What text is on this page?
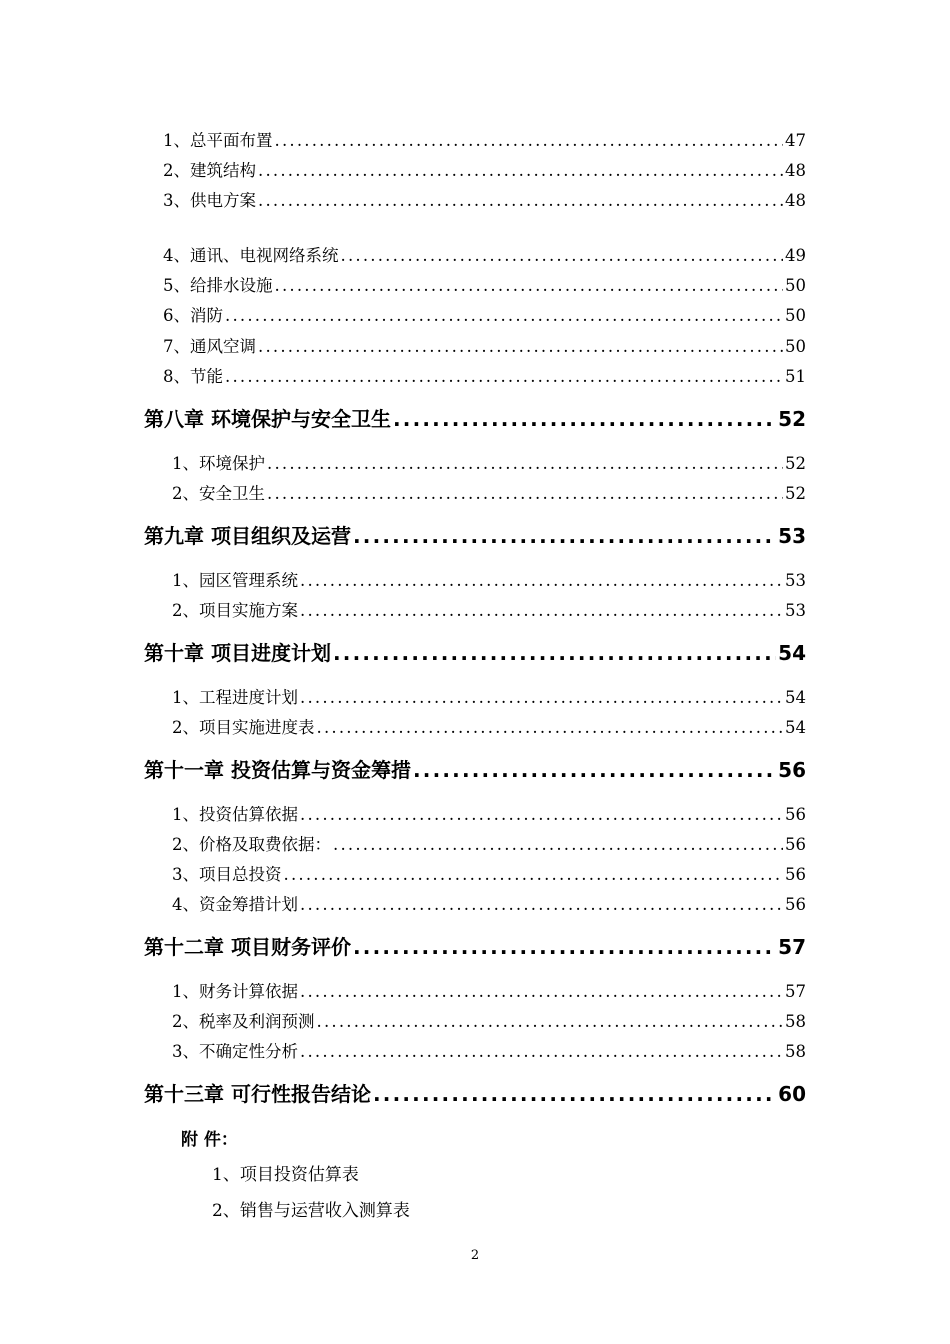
1、总平面布置 .....	47
2、建筑结构 .....	48
3、供电方案 .....	48
4、通讯、电视网络系统 .....	49
5、给排水设施 .....	50
6、消防 .....	50
7、通风空调 .....	50
8、节能 .....	51
第八章 环境保护与安全卫生 .....	52
1、环境保护 .....	52
2、安全卫生 .....	52
第九章 项目组织及运营 .....	53
1、园区管理系统 .....	53
2、项目实施方案 .....	53
第十章 项目进度计划 .....	54
1、工程进度计划 .....	54
2、项目实施进度表 .....	54
第十一章 投资估算与资金筹措 .....	56
1、投资估算依据 .....	56
2、价格及取费依据： .....	56
3、项目总投资 .....	56
4、资金筹措计划 .....	56
第十二章 项目财务评价 .....	57
1、财务计算依据 .....	57
2、税率及利润预测 .....	58
3、不确定性分析 .....	58
第十三章 可行性报告结论 .....	60
附 件：
1、项目投资估算表
2、销售与运营收入测算表
2
